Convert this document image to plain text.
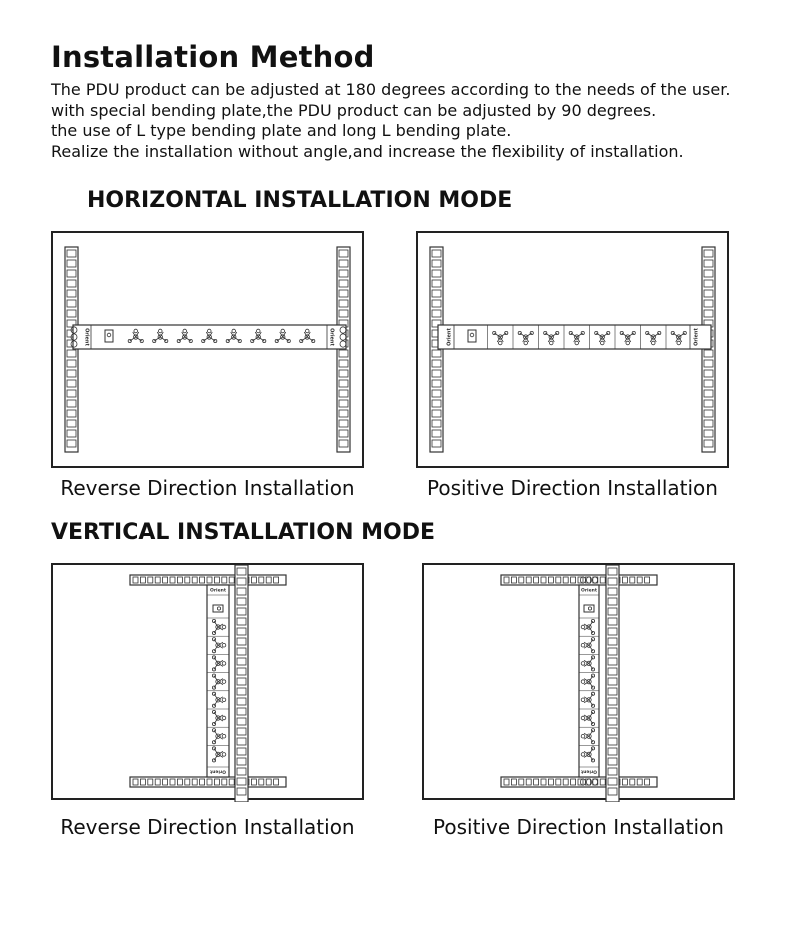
Installation Method
The PDU product can be adjusted at 180 degrees according to the needs of the user.
with special bending plate,the PDU product can be adjusted by 90 degrees.
the use of L type bending plate and long L bending plate.
Realize the installation without angle,and increase the flexibility of installation.
HORIZONTAL INSTALLATION MODE
Orient	Orient
Reverse Direction Installation
Orient	Orient
Positive Direction Installation
VERTICAL INSTALLATION MODE
Orient
Orient
Reverse Direction Installation
Orient
Orient
Positive Direction Installation
